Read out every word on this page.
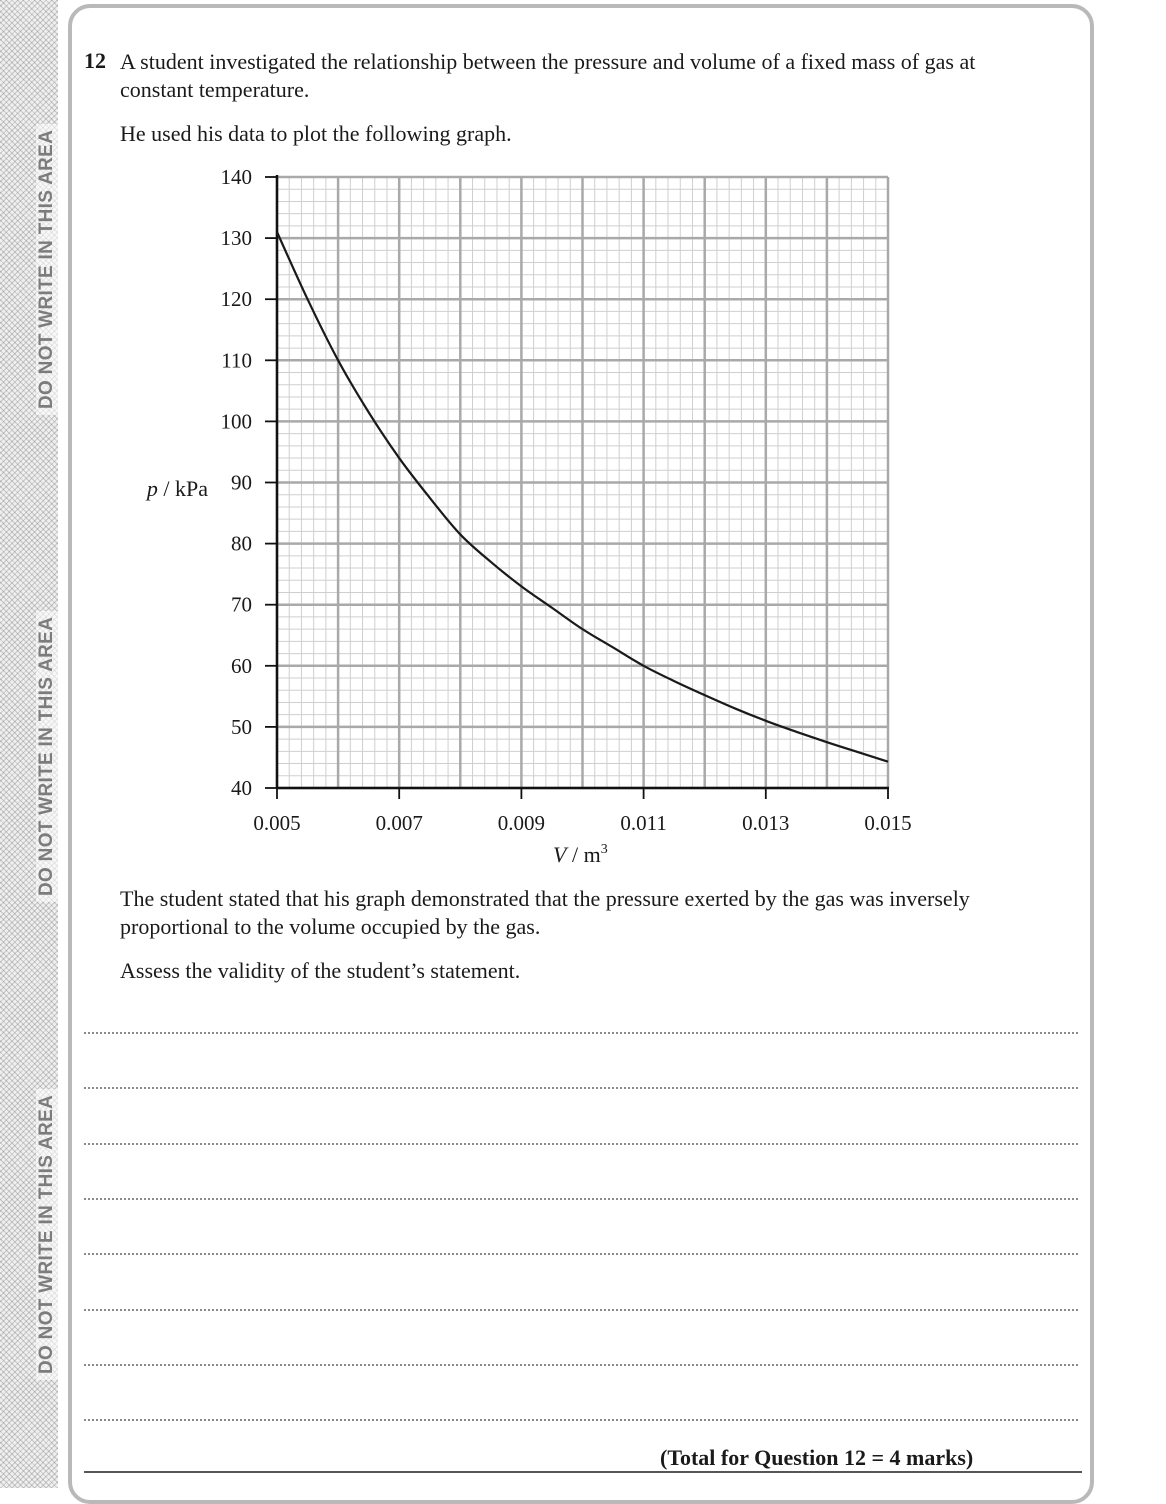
DO NOT WRITE IN THIS AREA
DO NOT WRITE IN THIS AREA
DO NOT WRITE IN THIS AREA
12 A student investigated the relationship between the pressure and volume of a fixed mass of gas at constant temperature.
He used his data to plot the following graph.
40
50
60
70
80
90
100
110
120
130
140
0.005	0.007	0.009	0.011	0.013	0.015
p / kPa
V / $m^3$
The student stated that his graph demonstrated that the pressure exerted by the gas was inversely proportional to the volume occupied by the gas.
Assess the validity of the student’s statement.
(Total for Question 12 = 4 marks)
